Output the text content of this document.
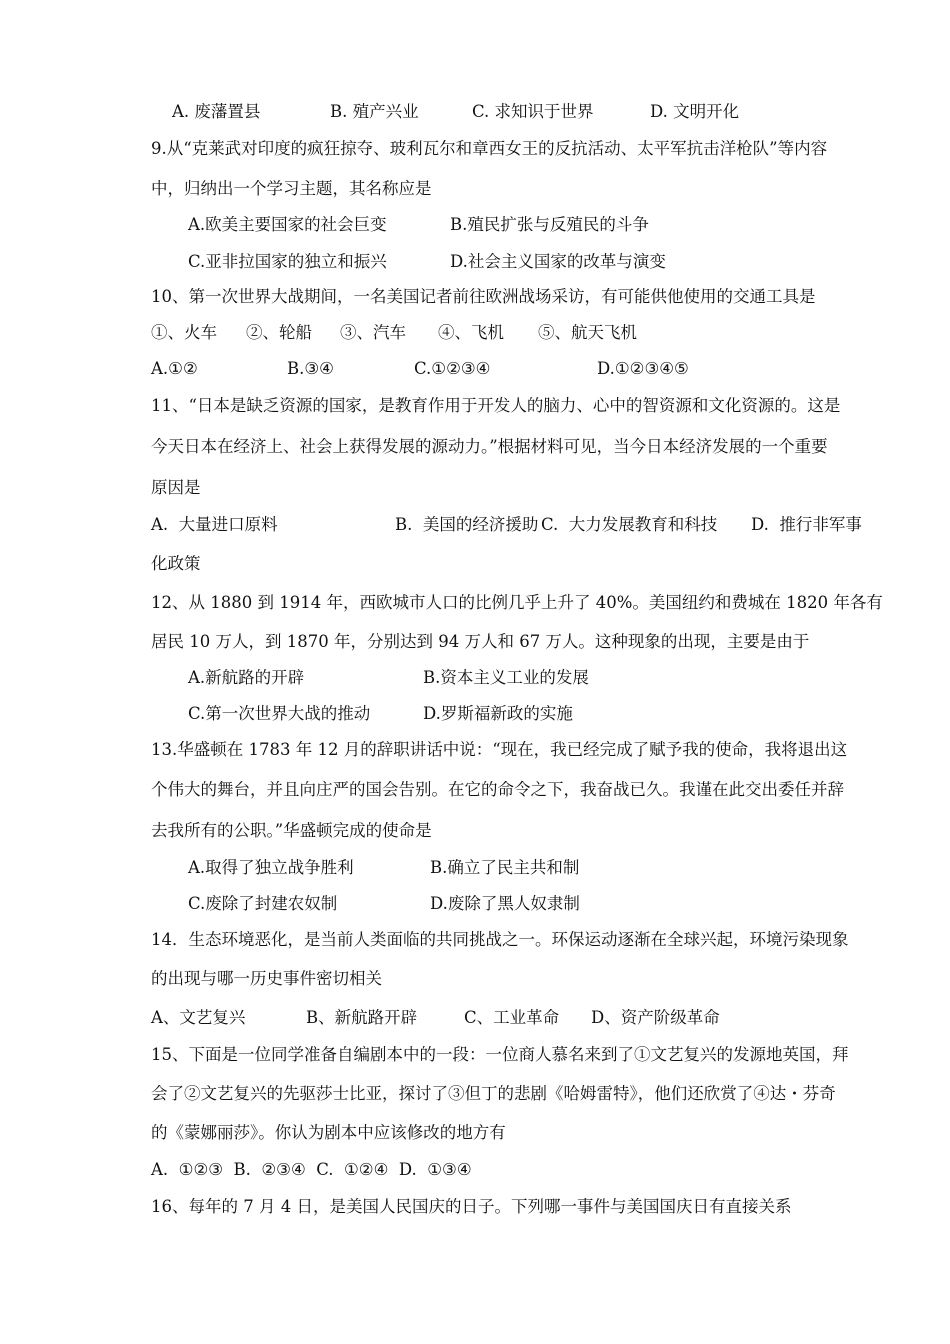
A. 废藩置县	B. 殖产兴业	C. 求知识于世界	D. 文明开化
9.从“克莱武对印度的疯狂掠夺、玻利瓦尔和章西女王的反抗活动、太平军抗击洋枪队”等内容
中，归纳出一个学习主题，其名称应是
A.欧美主要国家的社会巨变	B.殖民扩张与反殖民的斗争
C.亚非拉国家的独立和振兴	D.社会主义国家的改革与演变
10、第一次世界大战期间，一名美国记者前往欧洲战场采访，有可能供他使用的交通工具是
①、火车 ②、轮船 ③、汽车 ④、飞机 ⑤、航天飞机
A.①②	B.③④	C.①②③④	D.①②③④⑤
11、“日本是缺乏资源的国家，是教育作用于开发人的脑力、心中的智资源和文化资源的。这是
今天日本在经济上、社会上获得发展的源动力。”根据材料可见，当今日本经济发展的一个重要
原因是
A.  大量进口原料	B.  美国的经济援助 C.  大力发展教育和科技 D.  推行非军事
化政策
12、从 1880 到 1914 年，西欧城市人口的比例几乎上升了 40%。美国纽约和费城在 1820 年各有
居民 10 万人，到 1870 年，分别达到 94 万人和 67 万人。这种现象的出现，主要是由于
A.新航路的开辟	B.资本主义工业的发展
C.第一次世界大战的推动	D.罗斯福新政的实施
13.华盛顿在 1783 年 12 月的辞职讲话中说：“现在，我已经完成了赋予我的使命，我将退出这
个伟大的舞台，并且向庄严的国会告别。在它的命令之下，我奋战已久。我谨在此交出委任并辞
去我所有的公职。”华盛顿完成的使命是
A.取得了独立战争胜利	B.确立了民主共和制
C.废除了封建农奴制	D.废除了黑人奴隶制
14．生态环境恶化，是当前人类面临的共同挑战之一。环保运动逐渐在全球兴起，环境污染现象
的出现与哪一历史事件密切相关
A、文艺复兴	B、新航路开辟	C、工业革命 D、资产阶级革命
15、下面是一位同学准备自编剧本中的一段：一位商人慕名来到了①文艺复兴的发源地英国，拜
会了②文艺复兴的先驱莎士比亚，探讨了③但丁的悲剧《哈姆雷特》，他们还欣赏了④达・芬奇
的《蒙娜丽莎》。你认为剧本中应该修改的地方有
A.  ①②③  B.  ②③④  C.  ①②④  D.  ①③④
16、每年的 7 月 4 日，是美国人民国庆的日子。下列哪一事件与美国国庆日有直接关系
